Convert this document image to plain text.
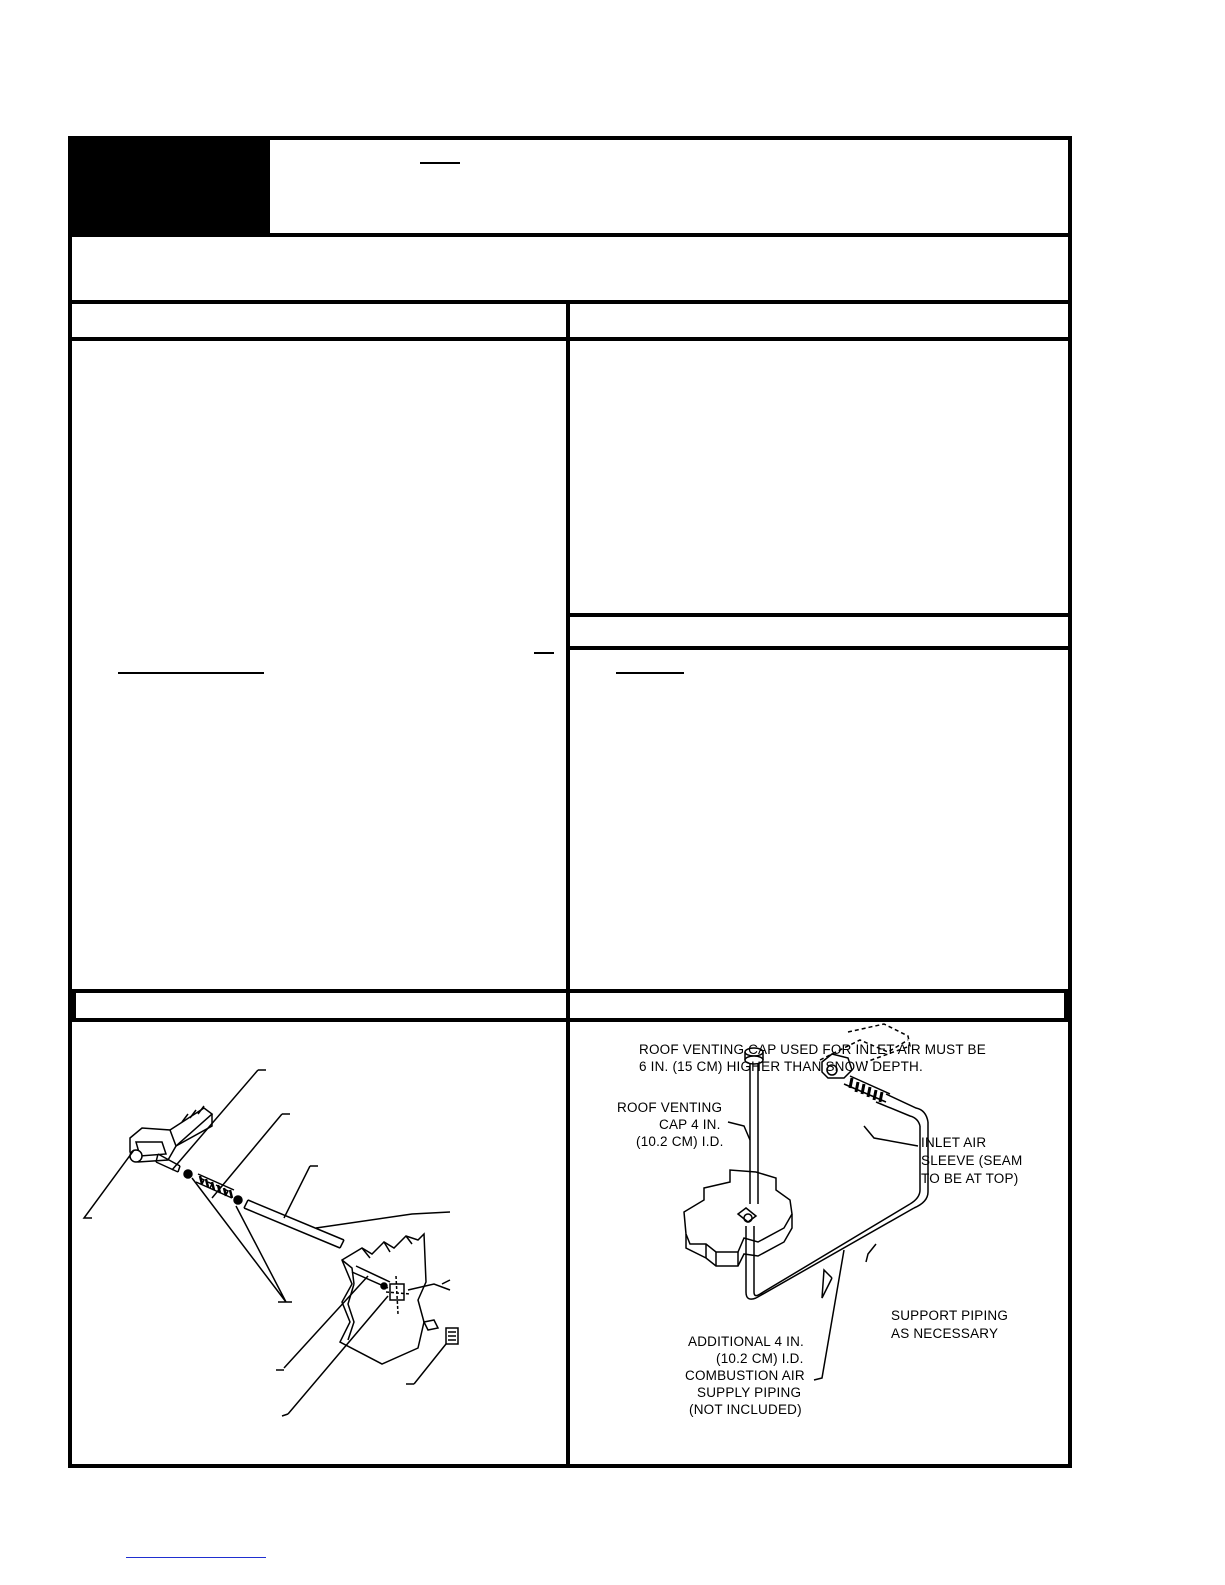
ROOF VENTING CAP USED FOR INLET AIR MUST BE
6 IN. (15 CM) HIGHER THAN SNOW DEPTH.
ROOF VENTING
CAP 4 IN.
(10.2 CM) I.D.	INLET AIR
SLEEVE (SEAM
TO BE AT TOP)
SUPPORT PIPING
AS NECESSARY
ADDITIONAL 4 IN.
(10.2 CM) I.D.
COMBUSTION AIR
SUPPLY PIPING
(NOT INCLUDED)
